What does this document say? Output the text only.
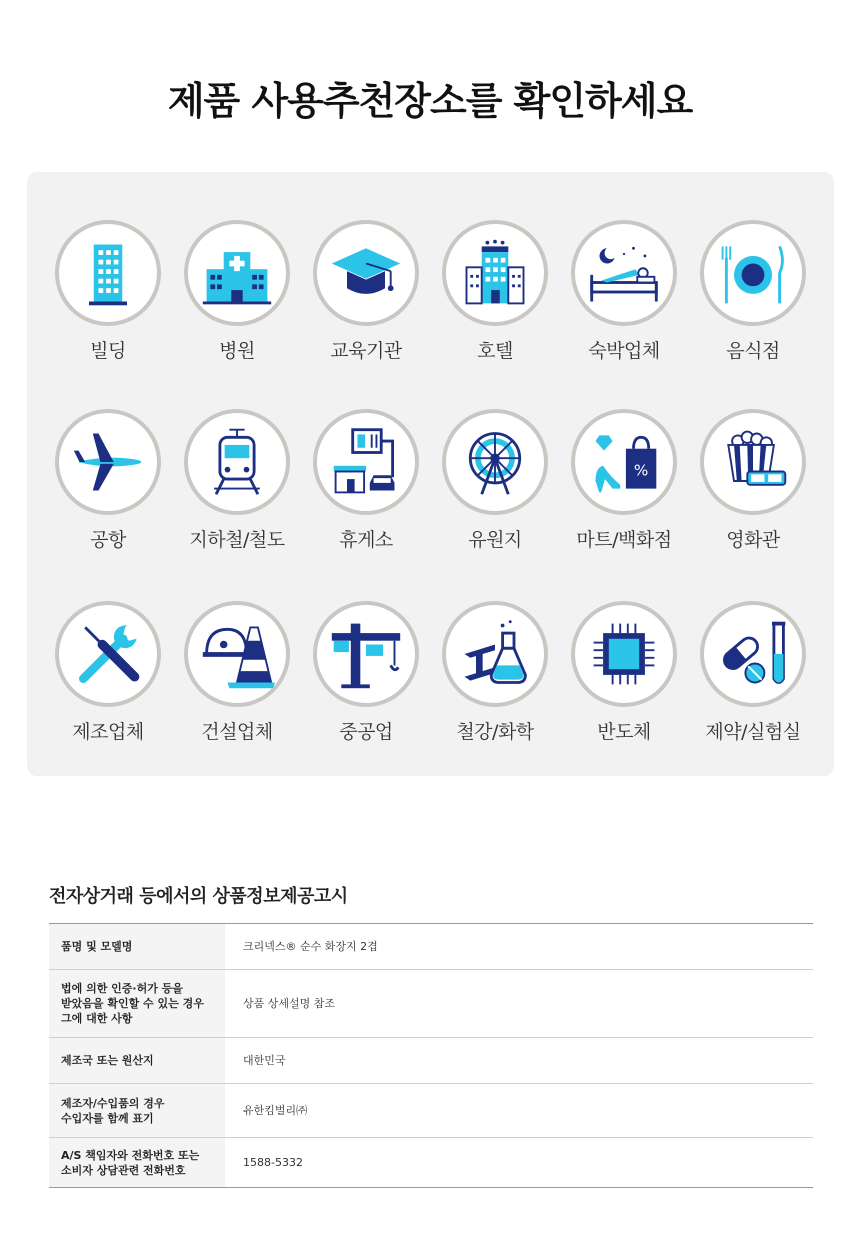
제품 사용추천장소를 확인하세요
빌딩	병원	교육기관	호텔	숙박업체	음식점
공항	지하철/철도	휴게소	유원지
%
마트/백화점	영화관
제조업체	건설업체	중공업	철강/화학	반도체	제약/실험실
전자상거래 등에서의 상품정보제공고시
품명 및 모델명	크리넥스® 순수 화장지 2겹
법에 의한 인증·허가 등을
받았음을 확인할 수 있는 경우
그에 대한 사항	상품 상세설명 참조
제조국 또는 원산지	대한민국
제조자/수입품의 경우
수입자를 함께 표기	유한킴벌리㈜
A/S 책임자와 전화번호 또는
소비자 상담관련 전화번호	1588-5332
